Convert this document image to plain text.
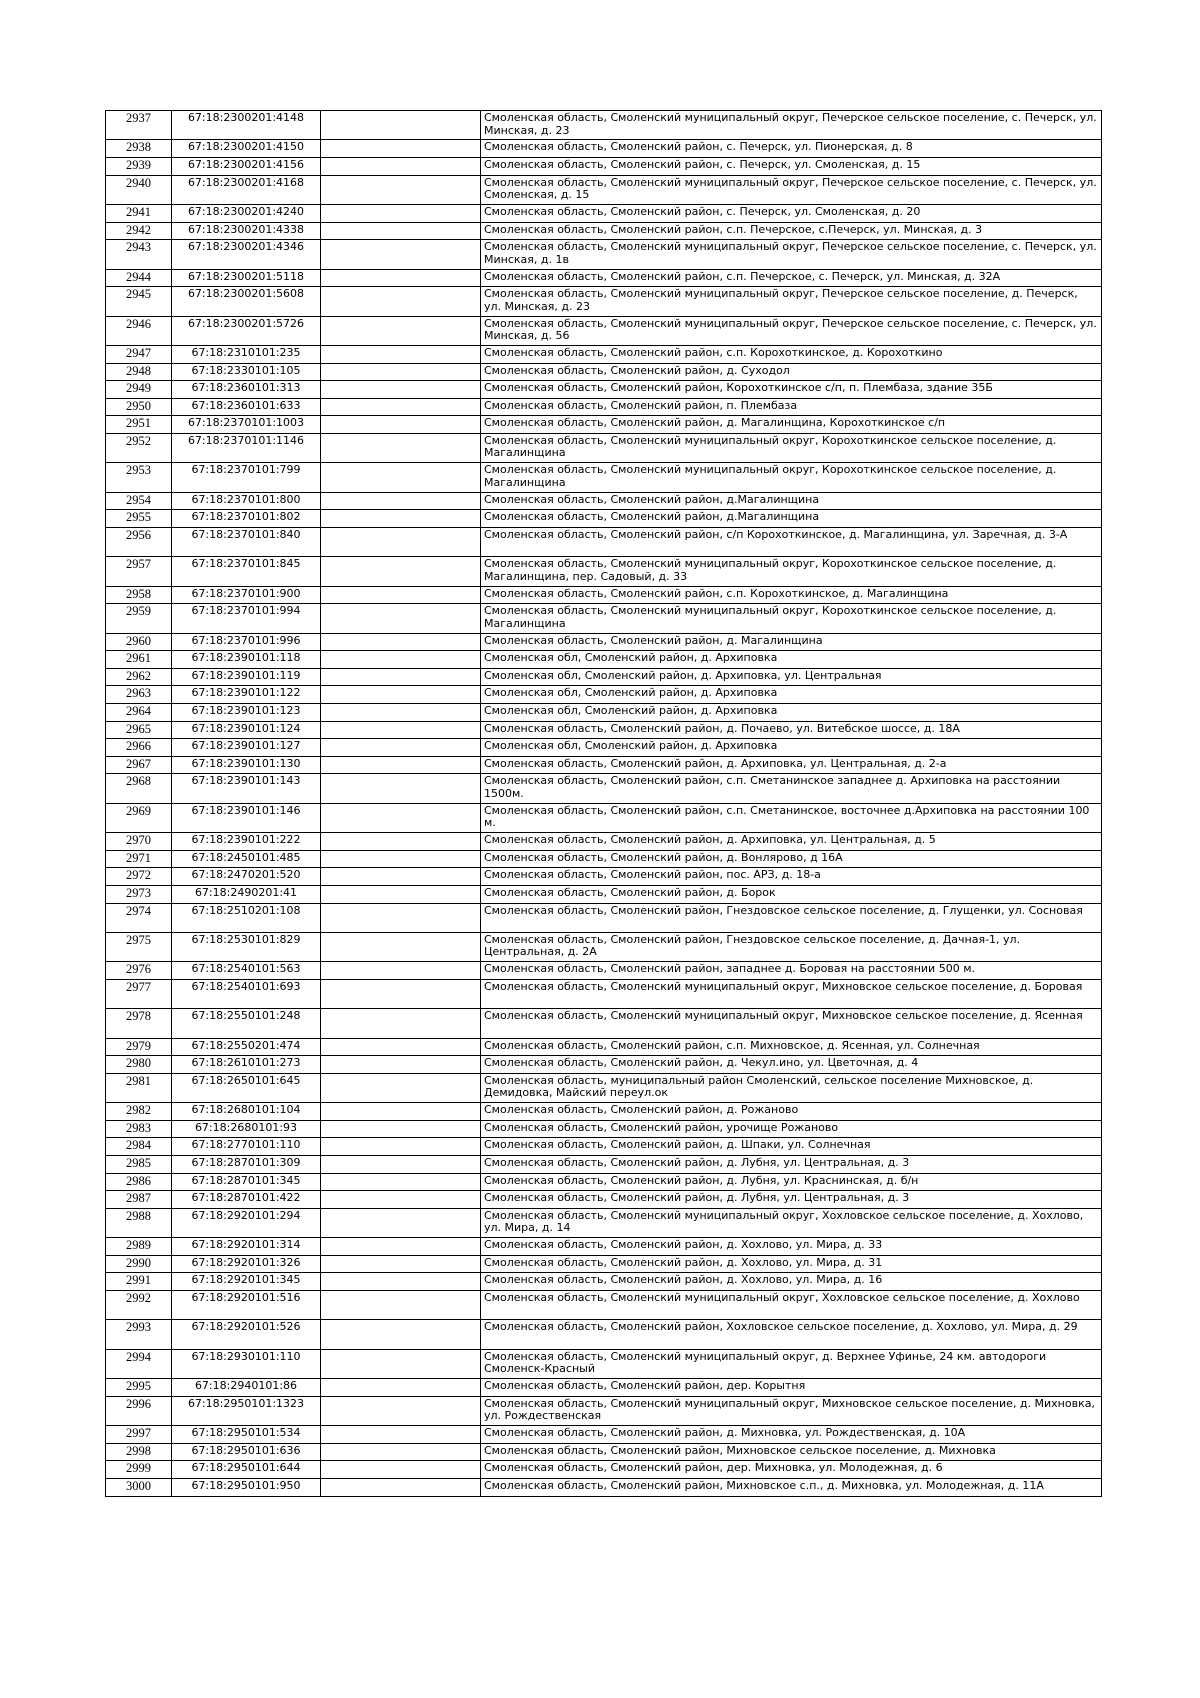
2937	67:18:2300201:4148		Смоленская область, Смоленский муниципальный округ, Печерское сельское поселение, с. Печерск, ул. Минская, д. 23
2938	67:18:2300201:4150		Смоленская область, Смоленский район, с. Печерск, ул. Пионерская, д. 8
2939	67:18:2300201:4156		Смоленская область, Смоленский район, с. Печерск, ул. Смоленская, д. 15
2940	67:18:2300201:4168		Смоленская область, Смоленский муниципальный округ, Печерское сельское поселение, с. Печерск, ул. Смоленская, д. 15
2941	67:18:2300201:4240		Смоленская область, Смоленский район, с. Печерск, ул. Смоленская, д. 20
2942	67:18:2300201:4338		Смоленская область, Смоленский район, с.п. Печерское, с.Печерск, ул. Минская, д. 3
2943	67:18:2300201:4346		Смоленская область, Смоленский муниципальный округ, Печерское сельское поселение, с. Печерск, ул. Минская, д. 1в
2944	67:18:2300201:5118		Смоленская область, Смоленский район, с.п. Печерское, с. Печерск, ул. Минская, д. 32А
2945	67:18:2300201:5608		Смоленская область, Смоленский муниципальный округ, Печерское сельское поселение, д. Печерск, ул. Минская, д. 23
2946	67:18:2300201:5726		Смоленская область, Смоленский муниципальный округ, Печерское сельское поселение, с. Печерск, ул. Минская, д. 56
2947	67:18:2310101:235		Смоленская область, Смоленский район, с.п. Корохоткинское, д. Корохоткино
2948	67:18:2330101:105		Смоленская область, Смоленский район, д. Суходол
2949	67:18:2360101:313		Смоленская область, Смоленский район, Корохоткинское с/п, п. Плембаза, здание 35Б
2950	67:18:2360101:633		Смоленская область, Смоленский район, п. Плембаза
2951	67:18:2370101:1003		Смоленская область, Смоленский район, д. Магалинщина, Корохоткинское с/п
2952	67:18:2370101:1146		Смоленская область, Смоленский муниципальный округ, Корохоткинское сельское поселение, д. Магалинщина
2953	67:18:2370101:799		Смоленская область, Смоленский муниципальный округ, Корохоткинское сельское поселение, д. Магалинщина
2954	67:18:2370101:800		Смоленская область, Смоленский район, д.Магалинщина
2955	67:18:2370101:802		Смоленская область, Смоленский район, д.Магалинщина
2956	67:18:2370101:840		Смоленская область, Смоленский район, с/п Корохоткинское, д. Магалинщина, ул. Заречная, д. 3-А
2957	67:18:2370101:845		Смоленская область, Смоленский муниципальный округ, Корохоткинское сельское поселение, д. Магалинщина, пер. Садовый, д. 33
2958	67:18:2370101:900		Смоленская область, Смоленский район, с.п. Корохоткинское, д. Магалинщина
2959	67:18:2370101:994		Смоленская область, Смоленский муниципальный округ, Корохоткинское сельское поселение, д. Магалинщина
2960	67:18:2370101:996		Смоленская область, Смоленский район, д. Магалинщина
2961	67:18:2390101:118		Смоленская обл, Смоленский район, д. Архиповка
2962	67:18:2390101:119		Смоленская обл, Смоленский район, д. Архиповка, ул. Центральная
2963	67:18:2390101:122		Смоленская обл, Смоленский район, д. Архиповка
2964	67:18:2390101:123		Смоленская обл, Смоленский район, д. Архиповка
2965	67:18:2390101:124		Смоленская область, Смоленский район, д. Почаево, ул. Витебское шоссе, д. 18А
2966	67:18:2390101:127		Смоленская обл, Смоленский район, д. Архиповка
2967	67:18:2390101:130		Смоленская область, Смоленский район, д. Архиповка, ул. Центральная, д. 2-а
2968	67:18:2390101:143		Смоленская область, Смоленский район, с.п. Сметанинское западнее д. Архиповка на расстоянии 1500м.
2969	67:18:2390101:146		Смоленская область, Смоленский район, с.п. Сметанинское, восточнее д.Архиповка на расстоянии 100 м.
2970	67:18:2390101:222		Смоленская область, Смоленский район, д. Архиповка, ул. Центральная, д. 5
2971	67:18:2450101:485		Смоленская область, Смоленский район, д. Вонлярово, д 16А
2972	67:18:2470201:520		Смоленская область, Смоленский район, пос. АРЗ, д. 18-а
2973	67:18:2490201:41		Смоленская область, Смоленский район, д. Борок
2974	67:18:2510201:108		Смоленская область, Смоленский район, Гнездовское сельское поселение, д. Глущенки, ул. Сосновая
2975	67:18:2530101:829		Смоленская область, Смоленский район, Гнездовское сельское поселение, д. Дачная-1, ул. Центральная, д. 2А
2976	67:18:2540101:563		Смоленская область, Смоленский район, западнее д. Боровая на расстоянии 500 м.
2977	67:18:2540101:693		Смоленская область, Смоленский муниципальный округ, Михновское сельское поселение, д. Боровая
2978	67:18:2550101:248		Смоленская область, Смоленский муниципальный округ, Михновское сельское поселение, д. Ясенная
2979	67:18:2550201:474		Смоленская область, Смоленский район, с.п. Михновское, д. Ясенная, ул. Солнечная
2980	67:18:2610101:273		Смоленская область, Смоленский район, д. Чекул.ино, ул. Цветочная, д. 4
2981	67:18:2650101:645		Смоленская область, муниципальный район Смоленский, сельское поселение Михновское, д. Демидовка, Майский переул.ок
2982	67:18:2680101:104		Смоленская область, Смоленский район, д. Рожаново
2983	67:18:2680101:93		Смоленская область, Смоленский район, урочище Рожаново
2984	67:18:2770101:110		Смоленская область, Смоленский район, д. Шпаки, ул. Солнечная
2985	67:18:2870101:309		Смоленская область, Смоленский район, д. Лубня, ул. Центральная, д. 3
2986	67:18:2870101:345		Смоленская область, Смоленский район, д. Лубня, ул. Краснинская, д. б/н
2987	67:18:2870101:422		Смоленская область, Смоленский район, д. Лубня, ул. Центральная, д. 3
2988	67:18:2920101:294		Смоленская область, Смоленский муниципальный округ, Хохловское сельское поселение, д. Хохлово, ул. Мира, д. 14
2989	67:18:2920101:314		Смоленская область, Смоленский район, д. Хохлово, ул. Мира, д. 33
2990	67:18:2920101:326		Смоленская область, Смоленский район, д. Хохлово, ул. Мира, д. 31
2991	67:18:2920101:345		Смоленская область, Смоленский район, д. Хохлово, ул. Мира, д. 16
2992	67:18:2920101:516		Смоленская область, Смоленский муниципальный округ, Хохловское сельское поселение, д. Хохлово
2993	67:18:2920101:526		Смоленская область, Смоленский район, Хохловское сельское поселение, д. Хохлово, ул. Мира, д. 29
2994	67:18:2930101:110		Смоленская область, Смоленский муниципальный округ, д. Верхнее Уфинье, 24 км. автодороги Смоленск-Красный
2995	67:18:2940101:86		Смоленская область, Смоленский район, дер. Корытня
2996	67:18:2950101:1323		Смоленская область, Смоленский муниципальный округ, Михновское сельское поселение, д. Михновка, ул. Рождественская
2997	67:18:2950101:534		Смоленская область, Смоленский район, д. Михновка, ул. Рождественская, д. 10А
2998	67:18:2950101:636		Смоленская область, Смоленский район, Михновское сельское поселение, д. Михновка
2999	67:18:2950101:644		Смоленская область, Смоленский район, дер. Михновка, ул. Молодежная, д. 6
3000	67:18:2950101:950		Смоленская область, Смоленский район, Михновское с.п., д. Михновка, ул. Молодежная, д. 11А
